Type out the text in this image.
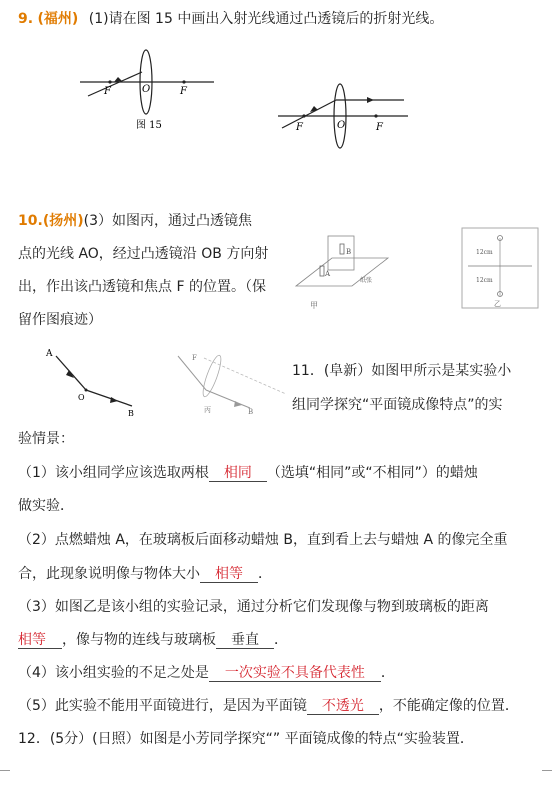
9. (福州) (1)请在图 15 中画出入射光线通过凸透镜后的折射光线。
F	O	F
图 15	F	O	F
10.(扬州)(3）如图丙，通过凸透镜焦
点的光线 AO，经过凸透镜沿 OB 方向射
出，作出该凸透镜和焦点 F 的位置。（保
留作图痕迹）
B
A
纸张
甲
12cm
12cm
乙
A
O
B
F
丙	B
11．(阜新）如图甲所示是某实验小
组同学探究“平面镜成像特点”的实
验情景：
（1）该小组同学应该选取两根 相同 （选填“相同”或“不相同”）的蜡烛
做实验．
（2）点燃蜡烛 A，在玻璃板后面移动蜡烛 B，直到看上去与蜡烛 A 的像完全重
合，此现象说明像与物体大小 相等 ．
（3）如图乙是该小组的实验记录，通过分析它们发现像与物到玻璃板的距离
相等 ，像与物的连线与玻璃板 垂直 ．
（4）该小组实验的不足之处是 一次实验不具备代表性 ．
（5）此实验不能用平面镜进行，是因为平面镜 不透光 ，不能确定像的位置．
12．(5分）(日照）如图是小芳同学探究“” 平面镜成像的特点“实验装置．
